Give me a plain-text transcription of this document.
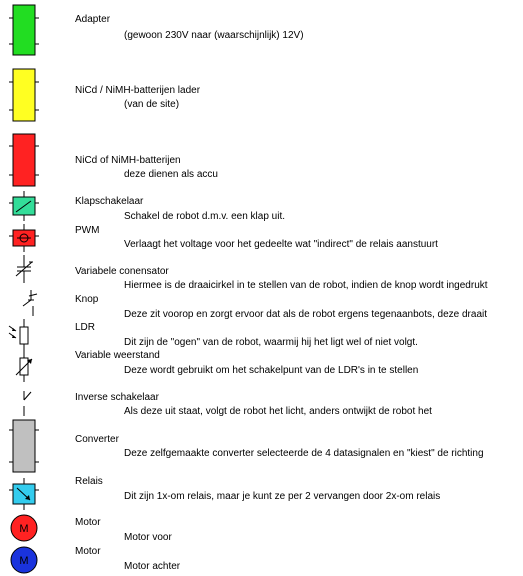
M
M
Adapter
(gewoon 230V naar (waarschijnlijk) 12V)
NiCd / NiMH-batterijen lader
(van de site)
NiCd of NiMH-batterijen
deze dienen als accu
Klapschakelaar
Schakel de robot d.m.v. een klap uit.
PWM
Verlaagt het voltage voor het gedeelte wat "indirect" de relais aanstuurt
Variabele conensator
Hiermee is de draaicirkel in te stellen van de robot, indien de knop wordt ingedrukt
Knop
Deze zit voorop en zorgt ervoor dat als de robot ergens tegenaanbots, deze draait
LDR
Dit zijn de "ogen" van de robot, waarmij hij het ligt wel of niet volgt.
Variable weerstand
Deze wordt gebruikt om het schakelpunt van de LDR's in te stellen
Inverse schakelaar
Als deze uit staat, volgt de robot het licht, anders ontwijkt de robot het
Converter
Deze zelfgemaakte converter selecteerde de 4 datasignalen en "kiest" de richting
Relais
Dit zijn 1x-om relais, maar je kunt ze per 2 vervangen door 2x-om relais
Motor
Motor voor
Motor
Motor achter
